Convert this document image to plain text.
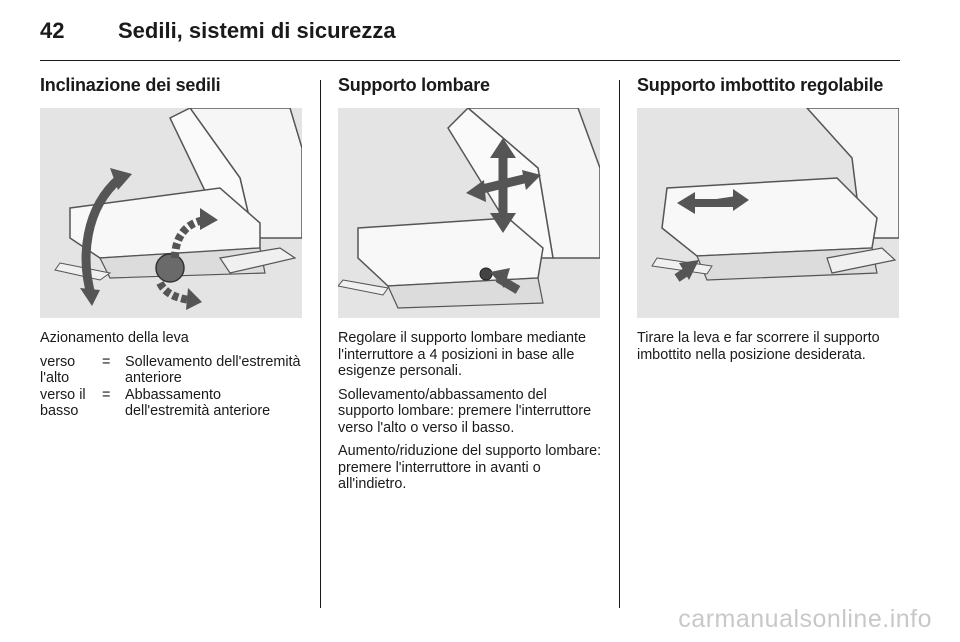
42 Sedili, sistemi di sicurezza
Inclinazione dei sedili

Azionamento della leva

verso l'alto
=	Sollevamento dell'estremità anteriore
verso il basso
=	Abbassamento dell'estremità anteriore
Supporto lombare

Regolare il supporto lombare mediante l'interruttore a 4 posizioni in base alle esigenze personali.

Sollevamento/abbassamento del supporto lombare: premere l'interruttore verso l'alto o verso il basso.

Aumento/riduzione del supporto lombare: premere l'interruttore in avanti o all'indietro.

Supporto imbottito regolabile

Tirare la leva e far scorrere il supporto imbottito nella posizione desiderata.

carmanualsonline.info
